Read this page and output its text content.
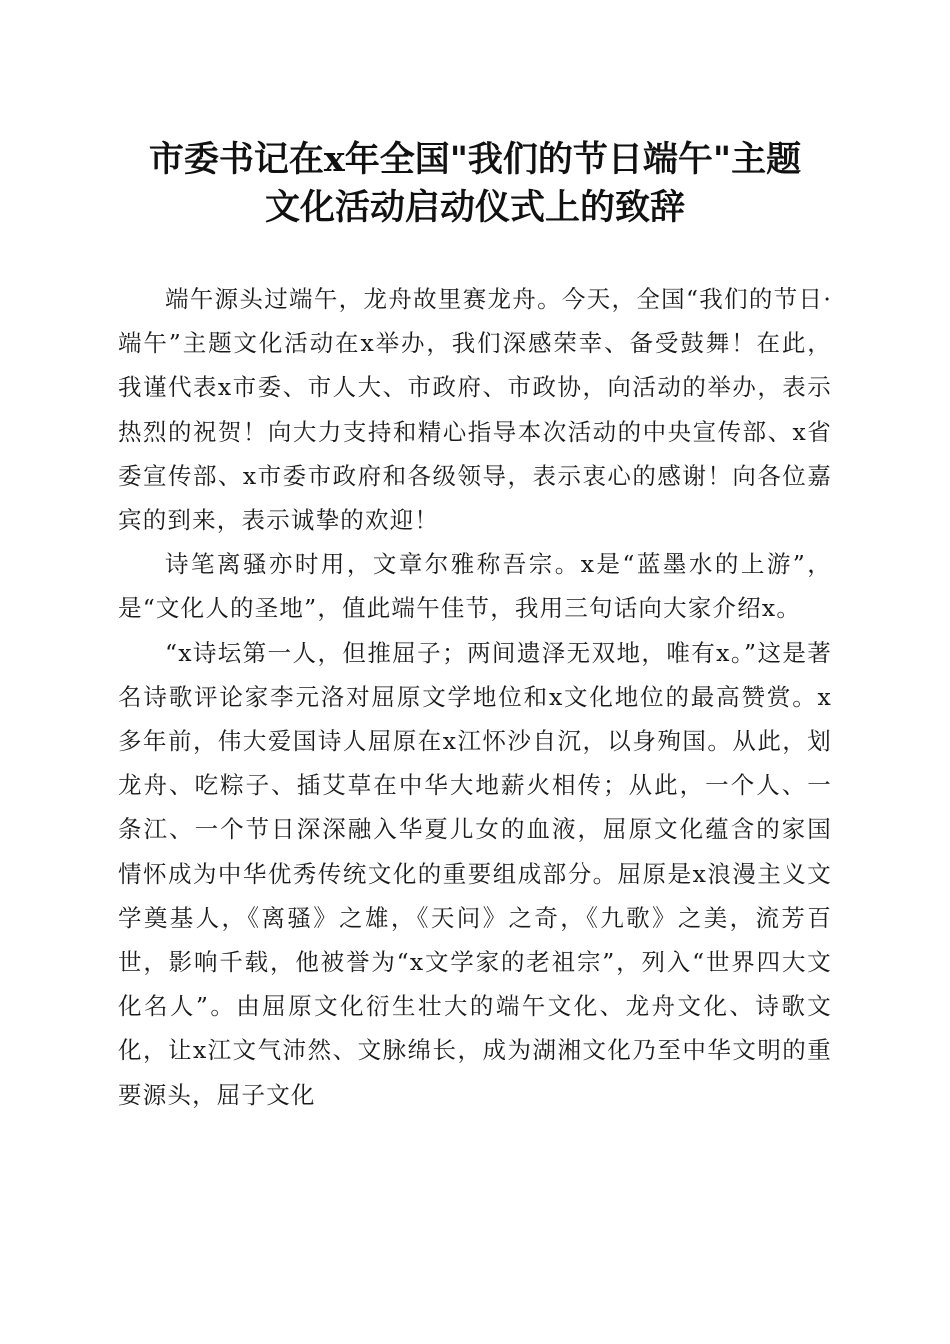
市委书记在x年全国"我们的节日端午"主题
文化活动启动仪式上的致辞

端午源头过端午，龙舟故里赛龙舟。今天，全国“我们的节日·端午”主题文化活动在x举办，我们深感荣幸、备受鼓舞！在此，我谨代表x市委、市人大、市政府、市政协，向活动的举办，表示热烈的祝贺！向大力支持和精心指导本次活动的中央宣传部、x省委宣传部、x市委市政府和各级领导，表示衷心的感谢！向各位嘉宾的到来，表示诚挚的欢迎！

诗笔离骚亦时用，文章尔雅称吾宗。x是“蓝墨水的上游”，是“文化人的圣地”，值此端午佳节，我用三句话向大家介绍x。

“x诗坛第一人，但推屈子；两间遗泽无双地，唯有x。”这是著名诗歌评论家李元洛对屈原文学地位和x文化地位的最高赞赏。x多年前，伟大爱国诗人屈原在x江怀沙自沉，以身殉国。从此，划龙舟、吃粽子、插艾草在中华大地薪火相传；从此，一个人、一条江、一个节日深深融入华夏儿女的血液，屈原文化蕴含的家国情怀成为中华优秀传统文化的重要组成部分。屈原是x浪漫主义文学奠基人，《离骚》之雄，《天问》之奇，《九歌》之美，流芳百世，影响千载，他被誉为“x文学家的老祖宗”，列入“世界四大文化名人”。由屈原文化衍生壮大的端午文化、龙舟文化、诗歌文化，让x江文气沛然、文脉绵长，成为湖湘文化乃至中华文明的重要源头，屈子文化
